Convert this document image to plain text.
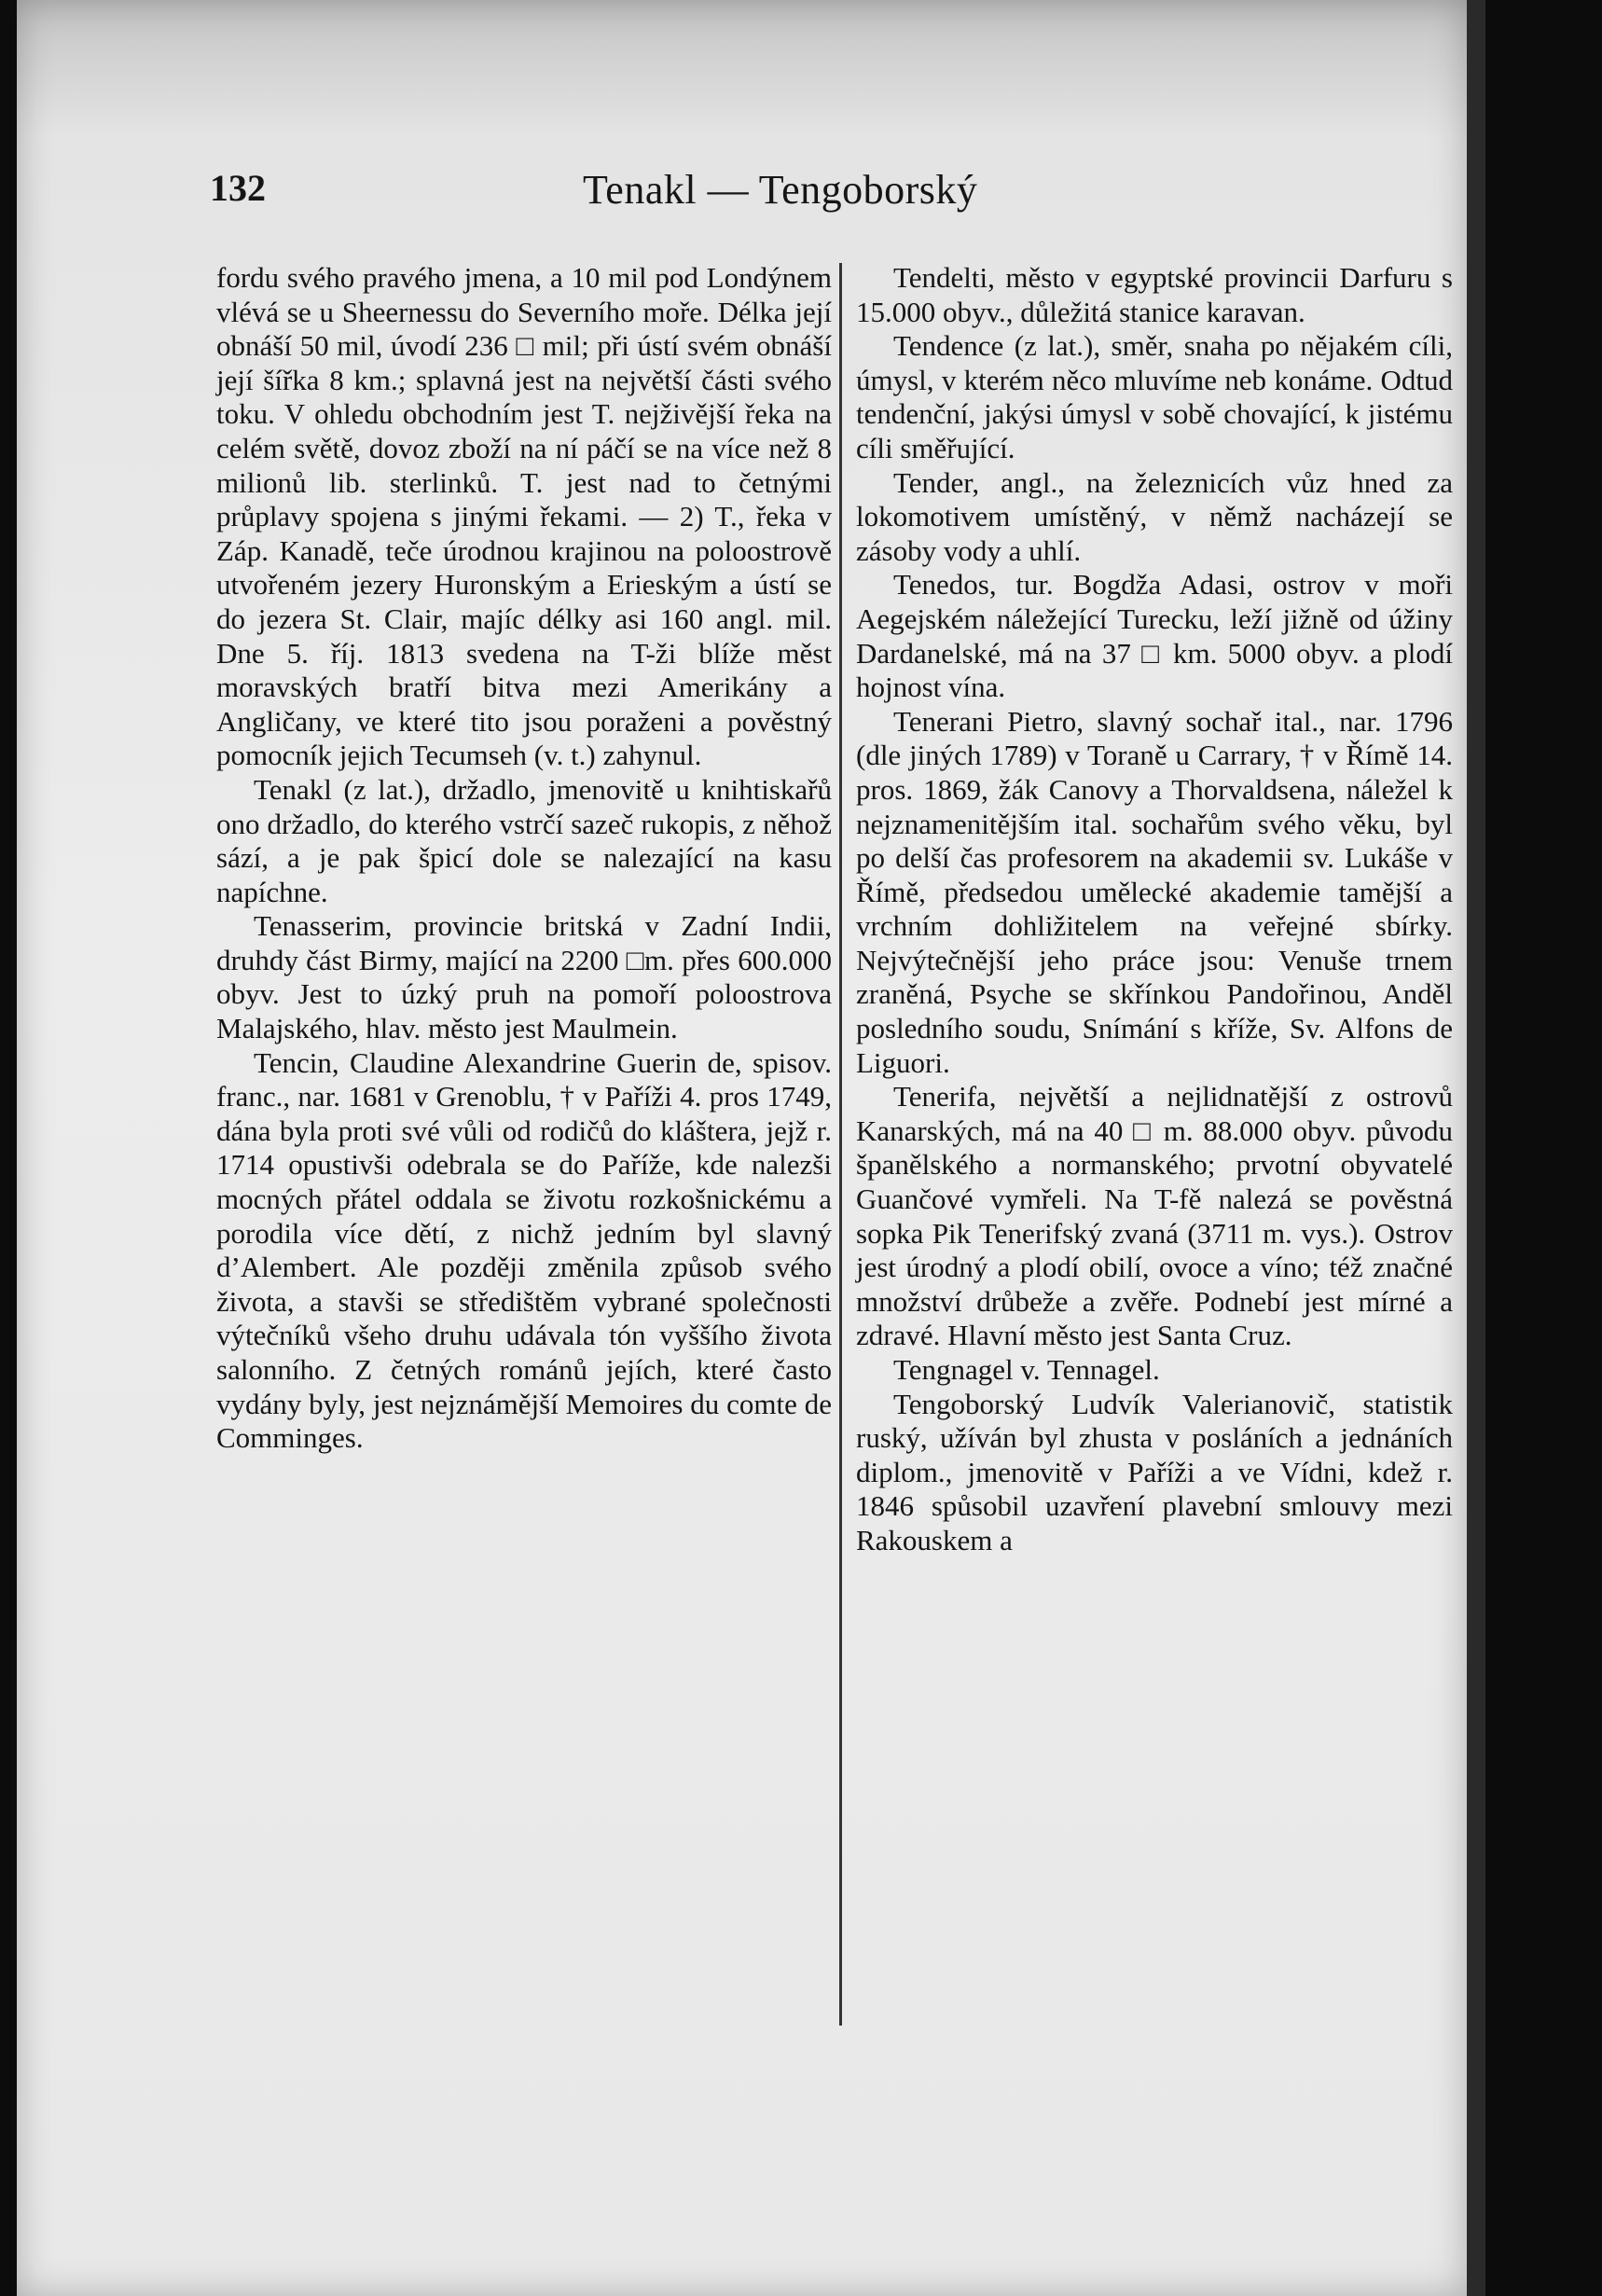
132	Tenakl — Tengoborský

fordu svého pravého jmena, a 10 mil pod Londýnem vlévá se u Sheernessu do Severního moře. Délka její obnáší 50 mil, úvodí 236 □ mil; při ústí svém obnáší její šířka 8 km.; splavná jest na největší části svého toku. V ohledu obchodním jest T. nejživější řeka na celém světě, dovoz zboží na ní páčí se na více než 8 milionů lib. sterlinků. T. jest nad to četnými průplavy spojena s jinými řekami. — 2) T., řeka v Záp. Kanadě, teče úrodnou krajinou na poloostrově utvořeném jezery Huronským a Erieským a ústí se do jezera St. Clair, majíc délky asi 160 angl. mil. Dne 5. říj. 1813 svedena na T-ži blíže měst moravských bratří bitva mezi Amerikány a Angličany, ve které tito jsou poraženi a pověstný pomocník jejich Tecumseh (v. t.) zahynul.

Tenakl (z lat.), držadlo, jmenovitě u knihtiskařů ono držadlo, do kterého vstrčí sazeč rukopis, z něhož sází, a je pak špicí dole se nalezající na kasu napíchne.

Tenasserim, provincie britská v Zadní Indii, druhdy část Birmy, mající na 2200 □m. přes 600.000 obyv. Jest to úzký pruh na pomoří poloostrova Malajského, hlav. město jest Maulmein.

Tencin, Claudine Alexandrine Guerin de, spisov. franc., nar. 1681 v Grenoblu, † v Paříži 4. pros 1749, dána byla proti své vůli od rodičů do kláštera, jejž r. 1714 opustivši odebrala se do Paříže, kde nalezši mocných přátel oddala se životu rozkošnickému a porodila více dětí, z nichž jedním byl slavný d’Alembert. Ale později změnila způsob svého života, a stavši se středištěm vybrané společnosti výtečníků všeho druhu udávala tón vyššího života salonního. Z četných románů jejích, které často vydány byly, jest nejznámější Memoires du comte de Comminges.

Tendelti, město v egyptské provincii Darfuru s 15.000 obyv., důležitá stanice karavan.

Tendence (z lat.), směr, snaha po nějakém cíli, úmysl, v kterém něco mluvíme neb konáme. Odtud tendenční, jakýsi úmysl v sobě chovající, k jistému cíli směřující.

Tender, angl., na železnicích vůz hned za lokomotivem umístěný, v němž nacházejí se zásoby vody a uhlí.

Tenedos, tur. Bogdža Adasi, ostrov v moři Aegejském náležející Turecku, leží jižně od úžiny Dardanelské, má na 37 □ km. 5000 obyv. a plodí hojnost vína.

Tenerani Pietro, slavný sochař ital., nar. 1796 (dle jiných 1789) v Toraně u Carrary, † v Římě 14. pros. 1869, žák Canovy a Thorvaldsena, náležel k nejznamenitějším ital. sochařům svého věku, byl po delší čas profesorem na akademii sv. Lukáše v Římě, předsedou umělecké akademie tamější a vrchním dohližitelem na veřejné sbírky. Nejvýtečnější jeho práce jsou: Venuše trnem zraněná, Psyche se skřínkou Pandořinou, Anděl posledního soudu, Snímání s kříže, Sv. Alfons de Liguori.

Tenerifa, největší a nejlidnatější z ostrovů Kanarských, má na 40 □ m. 88.000 obyv. původu španělského a normanského; prvotní obyvatelé Guančové vymřeli. Na T-fě nalezá se pověstná sopka Pik Tenerifský zvaná (3711 m. vys.). Ostrov jest úrodný a plodí obilí, ovoce a víno; též značné množství drůbeže a zvěře. Podnebí jest mírné a zdravé. Hlavní město jest Santa Cruz.

Tengnagel v. Tennagel.

Tengoborský Ludvík Valerianovič, statistik ruský, užíván byl zhusta v posláních a jednáních diplom., jmenovitě v Paříži a ve Vídni, kdež r. 1846 spůsobil uzavření plavební smlouvy mezi Rakouskem a
